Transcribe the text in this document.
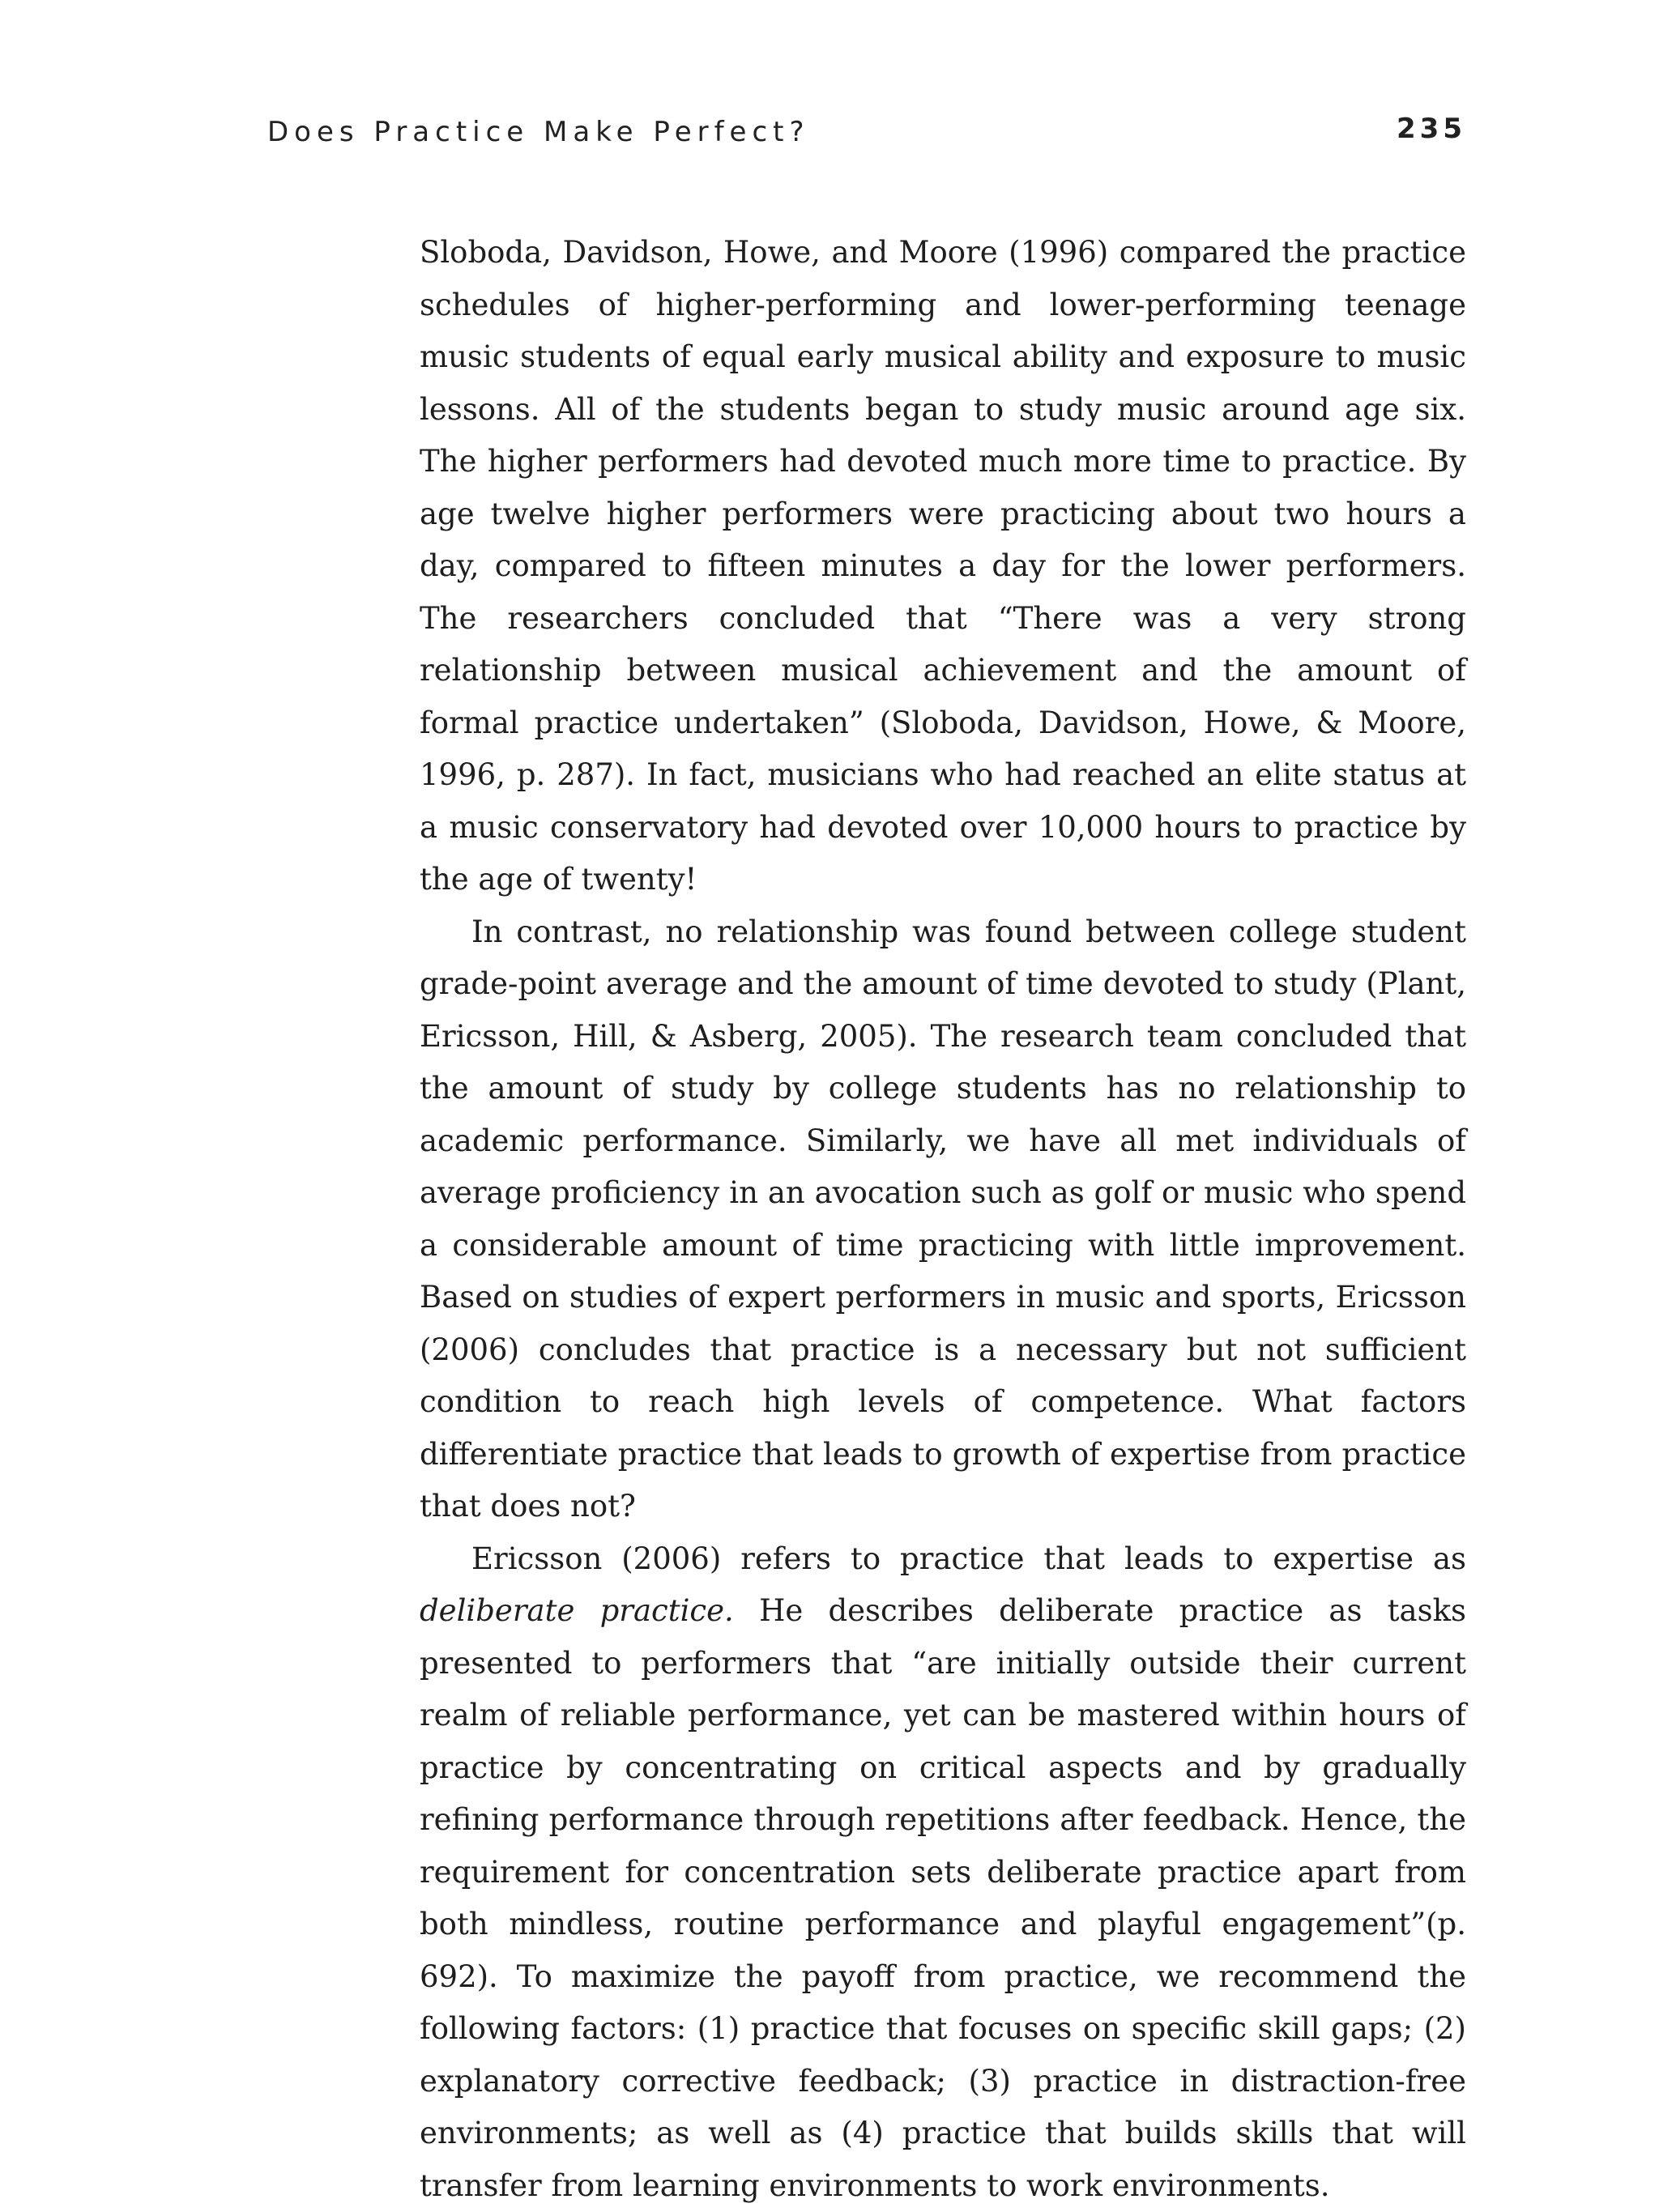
Does Practice Make Perfect?	235

Sloboda, Davidson, Howe, and Moore (1996) compared the practice schedules of higher-performing and lower-performing teenage music students of equal early musical ability and exposure to music lessons. All of the students began to study music around age six. The higher performers had devoted much more time to practice. By age twelve higher performers were practicing about two hours a day, compared to fifteen minutes a day for the lower performers. The researchers concluded that “There was a very strong relationship between musical achievement and the amount of formal practice undertaken” (Sloboda, Davidson, Howe, & Moore, 1996, p. 287). In fact, musicians who had reached an elite status at a music conservatory had devoted over 10,000 hours to practice by the age of twenty!

In contrast, no relationship was found between college student grade-point average and the amount of time devoted to study (Plant, Ericsson, Hill, & Asberg, 2005). The research team concluded that the amount of study by college students has no relationship to academic performance. Similarly, we have all met individuals of average proficiency in an avocation such as golf or music who spend a considerable amount of time practicing with little improvement. Based on studies of expert performers in music and sports, Ericsson (2006) concludes that practice is a necessary but not sufficient condition to reach high levels of competence. What factors differentiate practice that leads to growth of expertise from practice that does not?

Ericsson (2006) refers to practice that leads to expertise as deliberate practice. He describes deliberate practice as tasks presented to performers that “are initially outside their current realm of reliable performance, yet can be mastered within hours of practice by concentrating on critical aspects and by gradually refining performance through repetitions after feedback. Hence, the requirement for concentration sets deliberate practice apart from both mindless, routine performance and playful engagement”(p. 692). To maximize the payoff from practice, we recommend the following factors: (1) practice that focuses on specific skill gaps; (2) explanatory corrective feedback; (3) practice in distraction-free environments; as well as (4) practice that builds skills that will transfer from learning environments to work environments.
